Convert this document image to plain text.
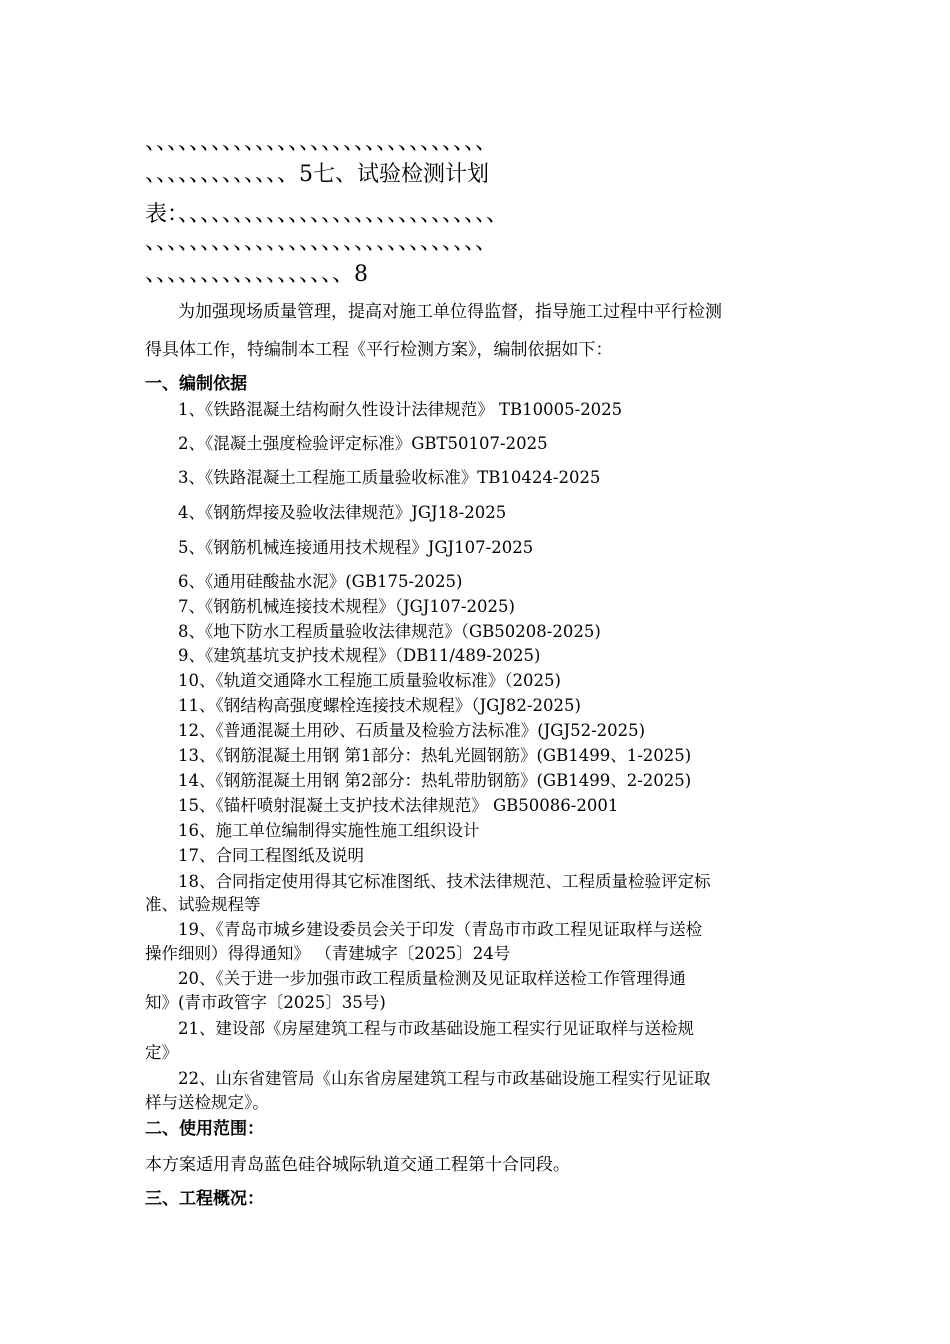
、、、、、、、、、、、、、、、、、、、、、、、、、、、、、、、
、、、、、、、、、、、、、5七、试验检测计划
表：、、、、、、、、、、、、、、、、、、、、、、、、、、、、、
、、、、、、、、、、、、、、、、、、、、、、、、、、、、、、、
、、、、、、、、、、、、、、、、、、8
为加强现场质量管理，提高对施工单位得监督，指导施工过程中平行检测
得具体工作，特编制本工程《平行检测方案》，编制依据如下：
一、编制依据
1、《铁路混凝土结构耐久性设计法律规范》 TB10005-2025
2、《混凝土强度检验评定标准》GBT50107-2025
3、《铁路混凝土工程施工质量验收标准》TB10424-2025
4、《钢筋焊接及验收法律规范》JGJ18-2025
5、《钢筋机械连接通用技术规程》JGJ107-2025
6、《通用硅酸盐水泥》(GB175-2025)
7、《钢筋机械连接技术规程》（JGJ107-2025)
8、《地下防水工程质量验收法律规范》（GB50208-2025)
9、《建筑基坑支护技术规程》（DB11/489-2025)
10、《轨道交通降水工程施工质量验收标准》（2025)
11、《钢结构高强度螺栓连接技术规程》（JGJ82-2025)
12、《普通混凝土用砂、石质量及检验方法标准》(JGJ52-2025)
13、《钢筋混凝土用钢 第1部分：热轧光圆钢筋》(GB1499、1-2025)
14、《钢筋混凝土用钢 第2部分：热轧带肋钢筋》(GB1499、2-2025)
15、《锚杆喷射混凝土支护技术法律规范》 GB50086-2001
16、施工单位编制得实施性施工组织设计
17、合同工程图纸及说明
18、合同指定使用得其它标准图纸、技术法律规范、工程质量检验评定标
准、试验规程等
19、《青岛市城乡建设委员会关于印发（青岛市市政工程见证取样与送检
操作细则）得得通知》 （青建城字〔2025〕24号
20、《关于进一步加强市政工程质量检测及见证取样送检工作管理得通
知》(青市政管字〔2025〕35号)
21、建设部《房屋建筑工程与市政基础设施工程实行见证取样与送检规
定》
22、山东省建管局《山东省房屋建筑工程与市政基础设施工程实行见证取
样与送检规定》。
二、使用范围：
本方案适用青岛蓝色硅谷城际轨道交通工程第十合同段。
三、工程概况：
